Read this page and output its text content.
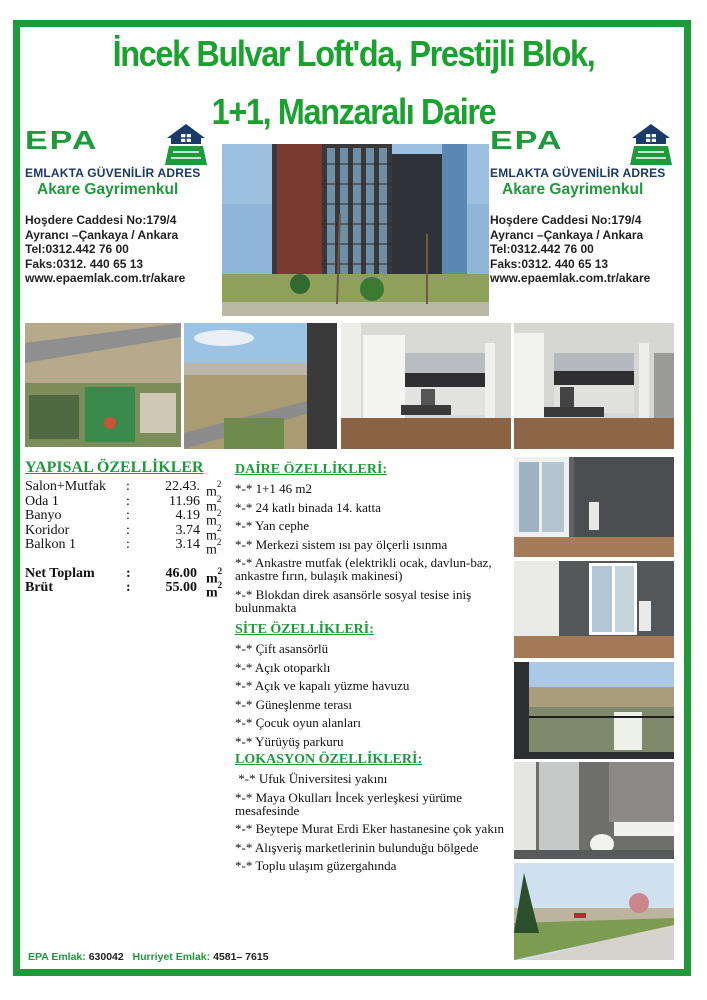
İncek Bulvar Loft'da, Prestijli Blok,
1+1, Manzaralı Daire
EPA
EMLAKTA GÜVENİLİR ADRES
Akare Gayrimenkul
Hoşdere Caddesi No:179/4
Ayrancı –Çankaya / Ankara
Tel:0312.442 76 00
Faks:0312. 440 65 13
www.epaemlak.com.tr/akare
EPA
EMLAKTA GÜVENİLİR ADRES
Akare Gayrimenkul
Hoşdere Caddesi No:179/4
Ayrancı –Çankaya / Ankara
Tel:0312.442 76 00
Faks:0312. 440 65 13
www.epaemlak.com.tr/akare
YAPISAL ÖZELLİKLER
Salon+Mutfak :	22.43. $m^2$
Oda 1	:	11.96 $m^2$
Banyo	:	4.19 $m^2$
Koridor	:	3.74 $m^2$
Balkon 1	:	3.14 $m^2$
Net Toplam : 46.00 $m^2$
Brüt	: 55.00 $m^2$
DAİRE ÖZELLİKLERİ:
*-* 1+1 46 m2
*-* 24 katlı binada 14. katta
*-* Yan cephe
*-* Merkezi sistem ısı pay ölçerli ısınma
*-* Ankastre mutfak (elektrikli ocak, davlun-baz, ankastre fırın, bulaşık makinesi)
*-* Blokdan direk asansörle sosyal tesise iniş bulunmakta
SİTE ÖZELLİKLERİ:
*-* Çift asansörlü
*-* Açık otoparklı
*-* Açık ve kapalı yüzme havuzu
*-* Güneşlenme terası
*-* Çocuk oyun alanları
*-* Yürüyüş parkuru
LOKASYON ÖZELLİKLERİ:
*-* Ufuk Üniversitesi yakını
*-* Maya Okulları İncek yerleşkesi yürüme mesafesinde
*-* Beytepe Murat Erdi Eker hastanesine çok yakın
*-* Alışveriş marketlerinin bulunduğu bölgede
*-* Toplu ulaşım güzergahında
EPA Emlak: 630042 Hurriyet Emlak: 4581– 7615
